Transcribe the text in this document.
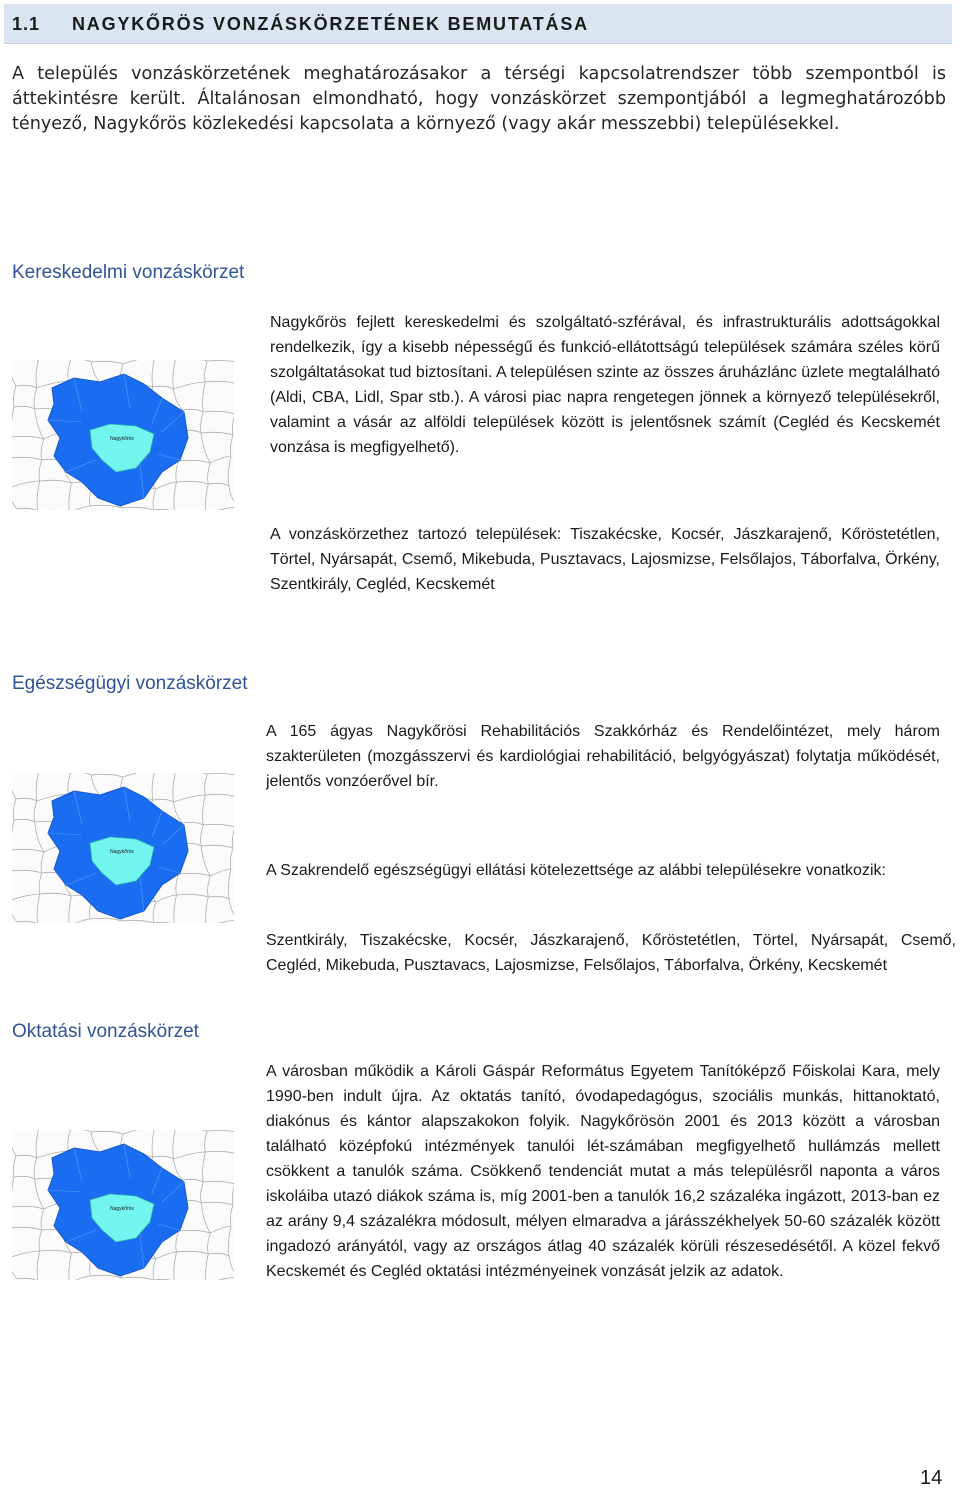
1.1 NAGYKŐRÖS VONZÁSKÖRZETÉNEK BEMUTATÁSA

A település vonzáskörzetének meghatározásakor a térségi kapcsolatrendszer több szempontból is áttekintésre került. Általánosan elmondható, hogy vonzáskörzet szempontjából a legmeghatározóbb tényező, Nagykőrös közlekedési kapcsolata a környező (vagy akár messzebbi) településekkel.

Kereskedelmi vonzáskörzet
Nagykőrös

Nagykőrös fejlett kereskedelmi és szolgáltató-szférával, és infrastrukturális adottságokkal rendelkezik, így a kisebb népességű és funkció-ellátottságú települések számára széles körű szolgáltatásokat tud biztosítani. A településen szinte az összes áruházlánc üzlete megtalálható (Aldi, CBA, Lidl, Spar stb.). A városi piac napra rengetegen jönnek a környező településekről, valamint a vásár az alföldi települések között is jelentősnek számít (Cegléd és Kecskemét vonzása is megfigyelhető).

A vonzáskörzethez tartozó települések: Tiszakécske, Kocsér, Jászkarajenő, Kőröstetétlen, Törtel, Nyársapát, Csemő, Mikebuda, Pusztavacs, Lajosmizse, Felsőlajos, Táborfalva, Örkény, Szentkirály, Cegléd, Kecskemét

Egészségügyi vonzáskörzet
Nagykőrös

A 165 ágyas Nagykőrösi Rehabilitációs Szakkórház és Rendelőintézet, mely három szakterületen (mozgásszervi és kardiológiai rehabilitáció, belgyógyászat) folytatja működését, jelentős vonzóerővel bír.

A Szakrendelő egészségügyi ellátási kötelezettsége az alábbi településekre vonatkozik:

Szentkirály, Tiszakécske, Kocsér, Jászkarajenő, Kőröstetétlen, Törtel, Nyársapát, Csemő, Cegléd, Mikebuda, Pusztavacs, Lajosmizse, Felsőlajos, Táborfalva, Örkény, Kecskemét

Oktatási vonzáskörzet
Nagykőrös

A városban működik a Károli Gáspár Református Egyetem Tanítóképző Főiskolai Kara, mely 1990-ben indult újra. Az oktatás tanító, óvodapedagógus, szociális munkás, hittanoktató, diakónus és kántor alapszakokon folyik. Nagykőrösön 2001 és 2013 között a városban található középfokú intézmények tanulói lét-számában megfigyelhető hullámzás mellett csökkent a tanulók száma. Csökkenő tendenciát mutat a más településről naponta a város iskoláiba utazó diákok száma is, míg 2001-ben a tanulók 16,2 százaléka ingázott, 2013-ban ez az arány 9,4 százalékra módosult, mélyen elmaradva a járásszékhelyek 50-60 százalék között ingadozó arányától, vagy az országos átlag 40 százalék körüli részesedésétől. A közel fekvő Kecskemét és Cegléd oktatási intézményeinek vonzását jelzik az adatok.

14
